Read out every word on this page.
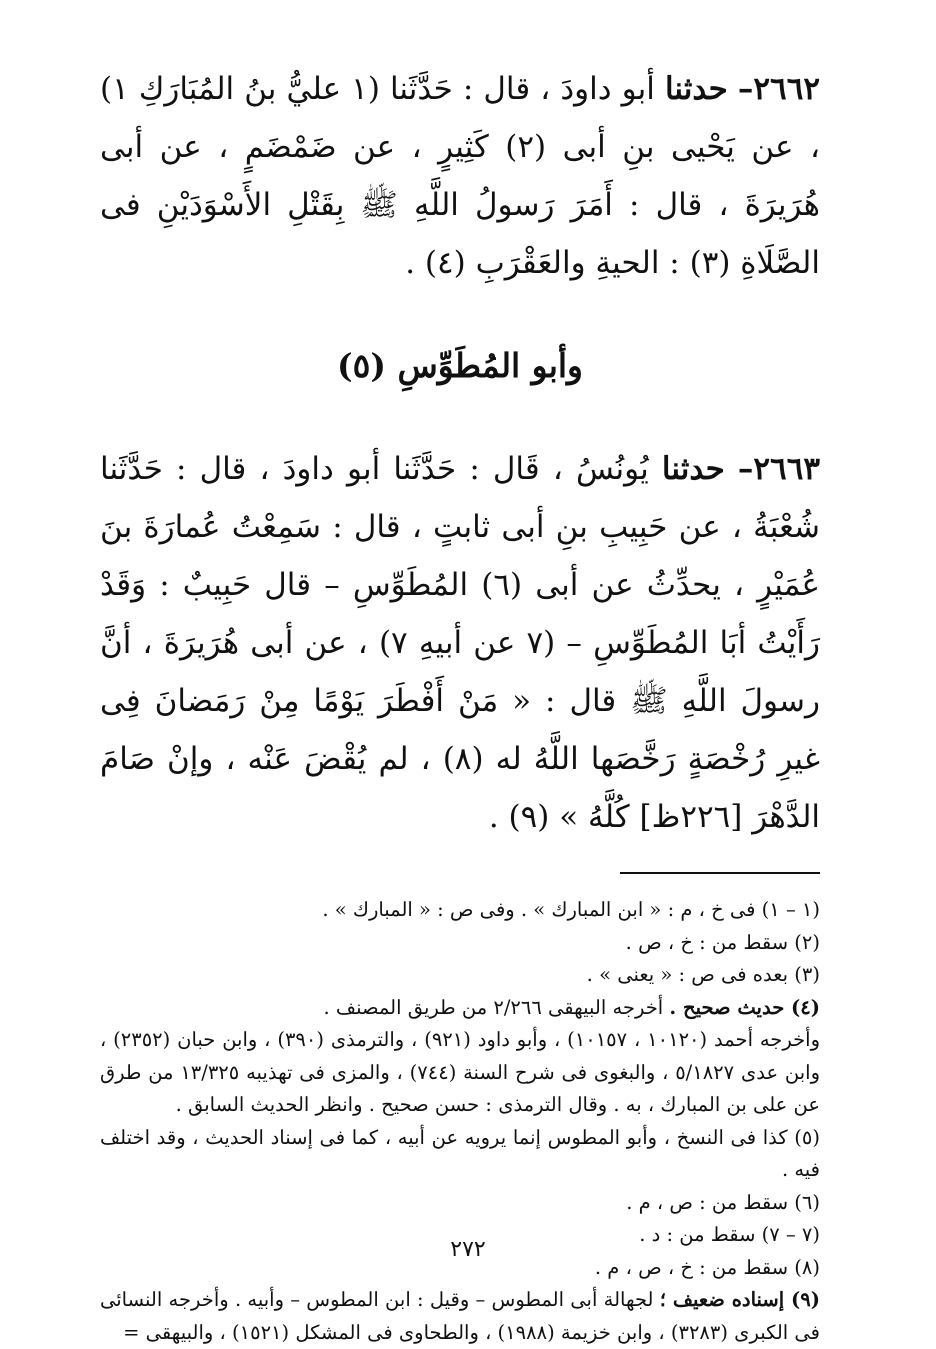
٢٦٦٢– حدثنا أبو داودَ ، قال : حَدَّثَنا (١ عليُّ بنُ المُبَارَكِ ١) ، عن يَحْيى بنِ أبى (٢) كَثِيرٍ ، عن ضَمْضَمٍ ، عن أبى هُرَيرَةَ ، قال : أَمَرَ رَسولُ اللَّهِ ﷺ بِقَتْلِ الأَسْوَدَيْنِ فى الصَّلَاةِ (٣) : الحيةِ والعَقْرَبِ (٤) .

وأبو المُطَوِّسِ (٥)

٢٦٦٣– حدثنا يُونُسُ ، قَال : حَدَّثَنا أبو داودَ ، قال : حَدَّثَنا شُعْبَةُ ، عن حَبِيبِ بنِ أبى ثابتٍ ، قال : سَمِعْتُ عُمارَةَ بنَ عُمَيْرٍ ، يحدِّثُ عن أبى (٦) المُطَوِّسِ – قال حَبِيبٌ : وَقَدْ رَأَيْتُ أبَا المُطَوِّسِ – (٧ عن أبيهِ ٧) ، عن أبى هُرَيرَةَ ، أنَّ رسولَ اللَّهِ ﷺ قال : « مَنْ أَفْطَرَ يَوْمًا مِنْ رَمَضانَ فِى غيرِ رُخْصَةٍ رَخَّصَها اللَّهُ له (٨) ، لم يُقْضَ عَنْه ، وإنْ صَامَ الدَّهْرَ [٢٢٦ظ] كُلَّهُ » (٩) .

(١ – ١) فى خ ، م : « ابن المبارك » . وفى ص : « المبارك » .

(٢) سقط من : خ ، ص .

(٣) بعده فى ص : « يعنى » .

(٤) حديث صحيح . أخرجه البيهقى ٢/٢٦٦ من طريق المصنف .

وأخرجه أحمد (١٠١٢٠ ، ١٠١٥٧) ، وأبو داود (٩٢١) ، والترمذى (٣٩٠) ، وابن حبان (٢٣٥٢) ، وابن عدى ٥/١٨٢٧ ، والبغوى فى شرح السنة (٧٤٤) ، والمزى فى تهذيبه ١٣/٣٢٥ من طرق عن على بن المبارك ، به . وقال الترمذى : حسن صحيح . وانظر الحديث السابق .

(٥) كذا فى النسخ ، وأبو المطوس إنما يرويه عن أبيه ، كما فى إسناد الحديث ، وقد اختلف فيه .

(٦) سقط من : ص ، م .

(٧ – ٧) سقط من : د .

(٨) سقط من : خ ، ص ، م .

(٩) إسناده ضعيف ؛ لجهالة أبى المطوس – وقيل : ابن المطوس – وأبيه . وأخرجه النسائى فى الكبرى (٣٢٨٣) ، وابن خزيمة (١٩٨٨) ، والطحاوى فى المشكل (١٥٢١) ، والبيهقى =

٢٧٢
